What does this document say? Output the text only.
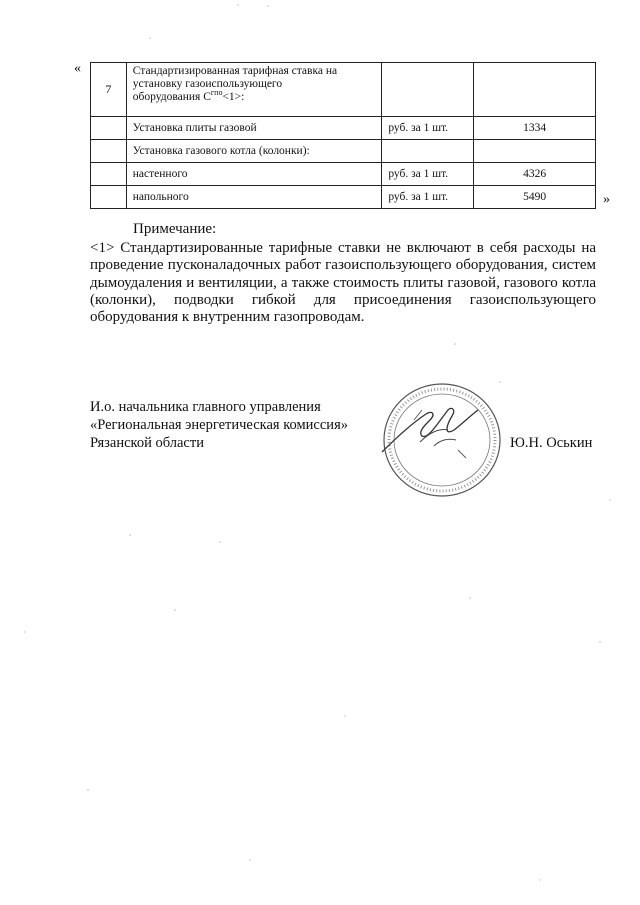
«
7	Стандартизированная тарифная ставка на
установку газоиспользующего
оборудования $С^{гпо}<1>$:		
	Установка плиты газовой	руб. за 1 шт.	1334
	Установка газового котла (колонки):		
	настенного	руб. за 1 шт.	4326
	напольного	руб. за 1 шт.	5490	»
Примечание:
<1> Стандартизированные тарифные ставки не включают в себя расходы на проведение пусконаладочных работ газоиспользующего оборудования, систем дымоудаления и вентиляции, а также стоимость плиты газовой, газового котла (колонки), подводки гибкой для присоединения газоиспользующего оборудования к внутренним газопроводам.
И.о. начальника главного управления
«Региональная энергетическая комиссия»
Рязанской области	Ю.Н. Оськин
